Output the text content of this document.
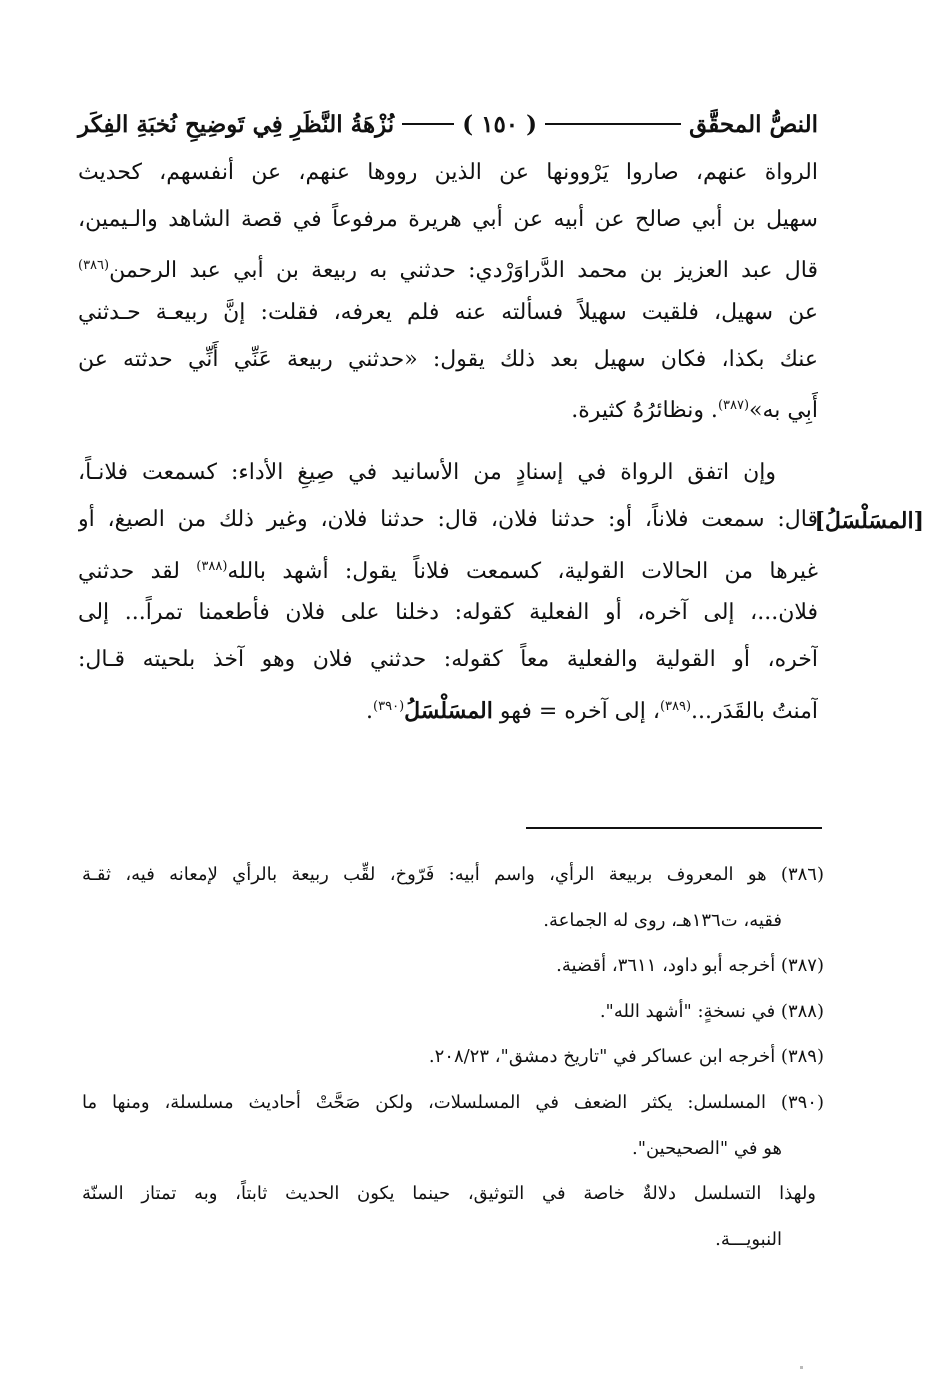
النصُّ المحقَّق
( ١٥٠ )
نُزْهَةُ النَّظَرِ فِي تَوضِيحِ نُخبَةِ الفِكَر
[المسَلْسَلُ]
الرواة عنهم، صاروا يَرْوونها عن الذين رووها عنهم، عن أنفسهم، كحديث
سهيل بن أبي صالح عن أبيه عن أبي هريرة مرفوعاً في قصة الشاهد والـيمين،
قال عبد العزيز بن محمد الدَّراوَرْدي: حدثني به ربيعة بن أبي عبد الرحمن$^{(٣٨٦)}$
عن سهيل، فلقيت سهيلاً فسألته عنه فلم يعرفه، فقلت: إنَّ ربيعـة حـدثني
عنك بكذا، فكان سهيل بعد ذلك يقول: «حدثني ربيعة عَنِّي أَنِّي حدثته عن
أَبِي به»$^{(٣٨٧)}$. ونظائرُهُ كثيرة.
وإن اتفق الرواة في إسنادٍ من الأسانيد في صِيغِ الأداء: كسمعت فلانـاً،
قال: سمعت فلاناً، أو: حدثنا فلان، قال: حدثنا فلان، وغير ذلك من الصيغ، أو
غيرها من الحالات القولية، كسمعت فلاناً يقول: أشهد بالله$^{(٣٨٨)}$ لقد حدثني
فلان...، إلى آخره، أو الفعلية كقوله: دخلنا على فلان فأطعمنا تمراً... إلى
آخره، أو القولية والفعلية معاً كقوله: حدثني فلان وهو آخذ بلحيته قـال:
آمنتُ بالقَدَر...$^{(٣٨٩)}$، إلى آخره = فهو المسَلْسَلُ$^{(٣٩٠)}$.
(٣٨٦) هو المعروف بربيعة الرأي، واسم أبيه: فَرّوخ، لقِّب ربيعة بالرأي لإمعانه فيه، ثقـة
فقيه، ت١٣٦هـ، روى له الجماعة.
(٣٨٧) أخرجه أبو داود، ٣٦١١، أقضية.
(٣٨٨) في نسخةٍ: "أشهد الله".
(٣٨٩) أخرجه ابن عساكر في "تاريخ دمشق"، ٢٠٨/٢٣.
(٣٩٠) المسلسل: يكثر الضعف في المسلسلات، ولكن صَحَّتْ أحاديث مسلسلة، ومنها ما
هو في "الصحيحين".
ولهذا التسلسل دلالةٌ خاصة في التوثيق، حينما يكون الحديث ثابتاً، وبه تمتاز السنّة
النبويـــة.
